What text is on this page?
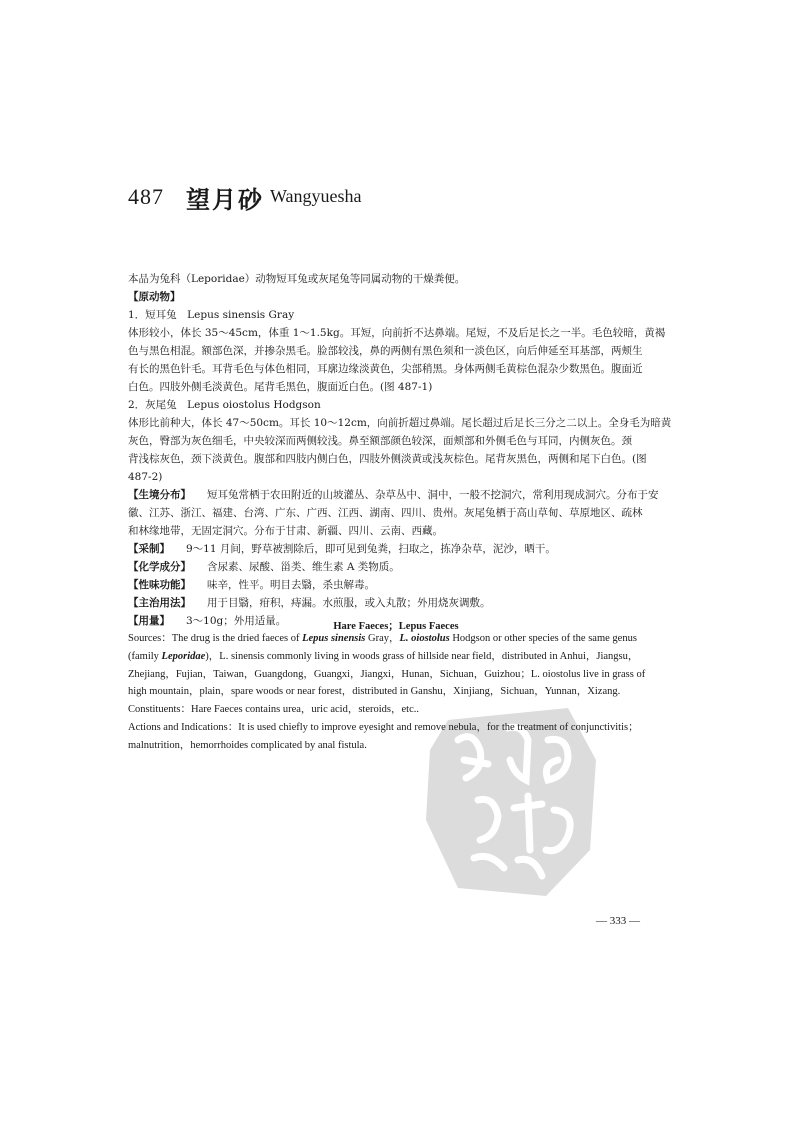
487 望月砂 Wangyuesha
本品为兔科（Leporidae）动物短耳兔或灰尾兔等同属动物的干燥粪便。
【原动物】
1．短耳兔　Lepus sinensis Gray
体形较小，体长 35～45cm，体重 1～1.5kg。耳短，向前折不达鼻端。尾短，不及后足长之一半。毛色较暗，黄褐
色与黑色相混。额部色深，并掺杂黑毛。脸部较浅，鼻的两侧有黑色须和一淡色区，向后伸延至耳基部，两颊生
有长的黑色针毛。耳背毛色与体色相同，耳廓边缘淡黄色，尖部稍黑。身体两侧毛黄棕色混杂少数黑色。腹面近
白色。四肢外侧毛淡黄色。尾背毛黑色，腹面近白色。(图 487-1)
2．灰尾兔　Lepus oiostolus Hodgson
体形比前种大，体长 47～50cm。耳长 10～12cm，向前折超过鼻端。尾长超过后足长三分之二以上。全身毛为暗黄
灰色，臀部为灰色细毛，中央较深而两侧较浅。鼻至额部颜色较深，面颊部和外侧毛色与耳同，内侧灰色。颈
背浅棕灰色，颈下淡黄色。腹部和四肢内侧白色，四肢外侧淡黄或浅灰棕色。尾背灰黑色，两侧和尾下白色。(图
487-2)
【生境分布】 短耳兔常栖于农田附近的山坡灌丛、杂草丛中、洞中，一般不挖洞穴，常利用现成洞穴。分布于安
徽、江苏、浙江、福建、台湾、广东、广西、江西、湖南、四川、贵州。灰尾兔栖于高山草甸、草原地区、疏林
和林缘地带，无固定洞穴。分布于甘肃、新疆、四川、云南、西藏。
【采制】 9～11 月间，野草被割除后，即可见到兔粪，扫取之，拣净杂草，泥沙，晒干。
【化学成分】 含尿素、尿酸、甾类、维生素 A 类物质。
【性味功能】 味辛，性平。明目去翳，杀虫解毒。
【主治用法】 用于目翳，疳积，痔漏。水煎服，或入丸散；外用烧灰调敷。
【用量】 3～10g；外用适量。	Hare Faeces；Lepus Faeces
Sources：The drug is the dried faeces of Lepus sinensis Gray，L. oiostolus Hodgson or other species of the same genus
(family Leporidae)，L. sinensis commonly living in woods grass of hillside near field，distributed in Anhui，Jiangsu，
Zhejiang，Fujian，Taiwan，Guangdong，Guangxi，Jiangxi，Hunan，Sichuan，Guizhou；L. oiostolus live in grass of
high mountain，plain，spare woods or near forest，distributed in Ganshu，Xinjiang，Sichuan，Yunnan，Xizang.
Constituents：Hare Faeces contains urea，uric acid，steroids，etc..
Actions and Indications：It is used chiefly to improve eyesight and remove nebula，for the treatment of conjunctivitis；
malnutrition，hemorrhoides complicated by anal fistula.
— 333 —
